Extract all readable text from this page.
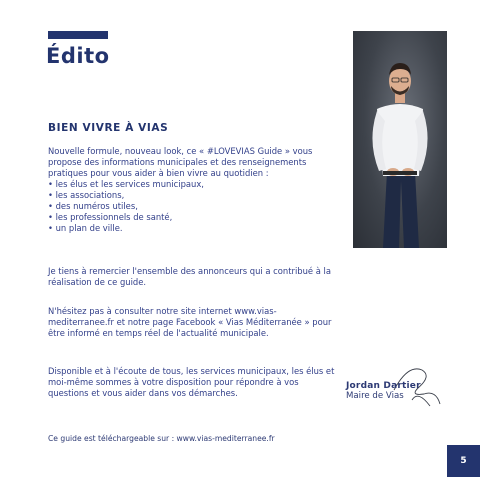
Édito
BIEN VIVRE À VIAS
Nouvelle formule, nouveau look, ce « #LOVEVIAS Guide » vous propose des informations municipales et des renseignements pratiques pour vous aider à bien vivre au quotidien :
• les élus et les services municipaux,
• les associations,
• des numéros utiles,
• les professionnels de santé,
• un plan de ville.
Je tiens à remercier l'ensemble des annonceurs qui a contribué à la réalisation de ce guide.
N'hésitez pas à consulter notre site internet www.vias-mediterranee.fr et notre page Facebook « Vias Méditerranée » pour être informé en temps réel de l'actualité municipale.
Disponible et à l'écoute de tous, les services municipaux, les élus et moi-même sommes à votre disposition pour répondre à vos questions et vous aider dans vos démarches.
Jordan Dartier
Maire de Vias
Ce guide est téléchargeable sur : www.vias-mediterranee.fr
5
